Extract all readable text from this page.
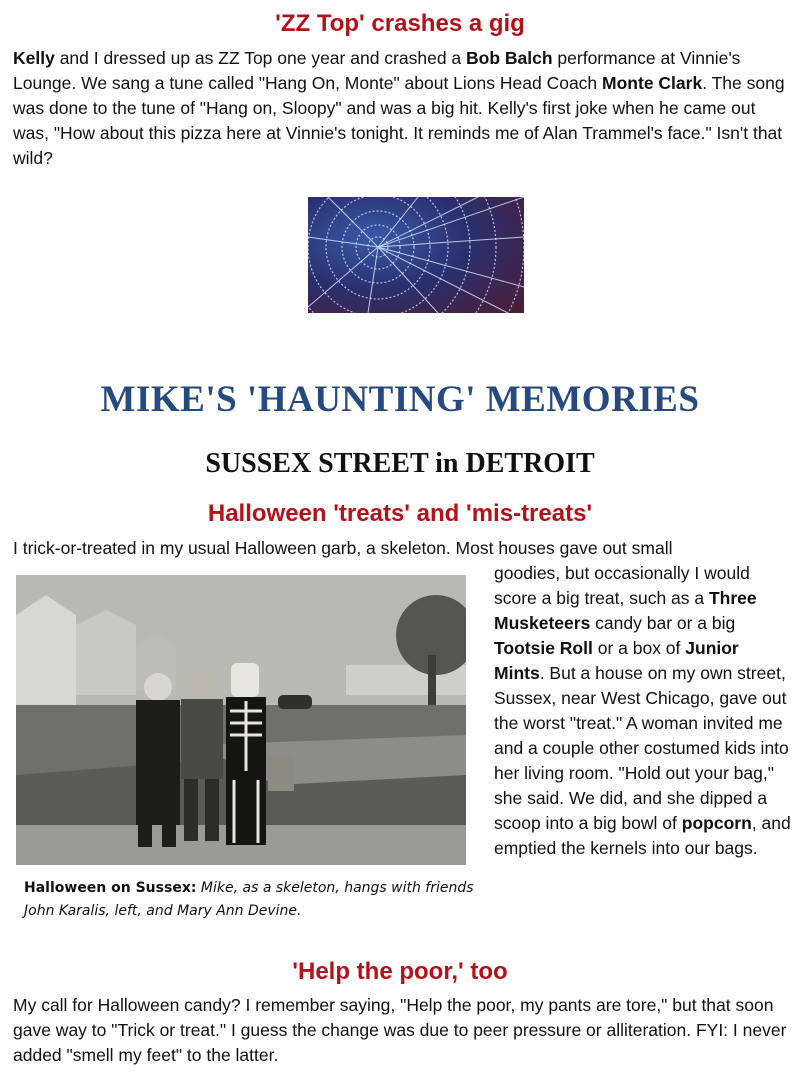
'ZZ Top' crashes a gig

Kelly and I dressed up as ZZ Top one year and crashed a Bob Balch performance at Vinnie's Lounge. We sang a tune called "Hang On, Monte" about Lions Head Coach Monte Clark. The song was done to the tune of "Hang on, Sloopy" and was a big hit. Kelly's first joke when he came out was, "How about this pizza here at Vinnie's tonight. It reminds me of Alan Trammel's face." Isn't that wild?

MIKE'S 'HAUNTING' MEMORIES
SUSSEX STREET in DETROIT
Halloween 'treats' and 'mis-treats'

I trick-or-treated in my usual Halloween garb, a skeleton. Most houses gave out small

Halloween on Sussex: Mike, as a skeleton, hangs with friends John Karalis, left, and Mary Ann Devine.

goodies, but occasionally I would score a big treat, such as a Three Musketeers candy bar or a big Tootsie Roll or a box of Junior Mints. But a house on my own street, Sussex, near West Chicago, gave out the worst "treat." A woman invited me and a couple other costumed kids into her living room. "Hold out your bag," she said. We did, and she dipped a scoop into a big bowl of popcorn, and emptied the kernels into our bags.

'Help the poor,' too

My call for Halloween candy? I remember saying, "Help the poor, my pants are tore," but that soon gave way to "Trick or treat." I guess the change was due to peer pressure or alliteration. FYI: I never added "smell my feet" to the latter.
